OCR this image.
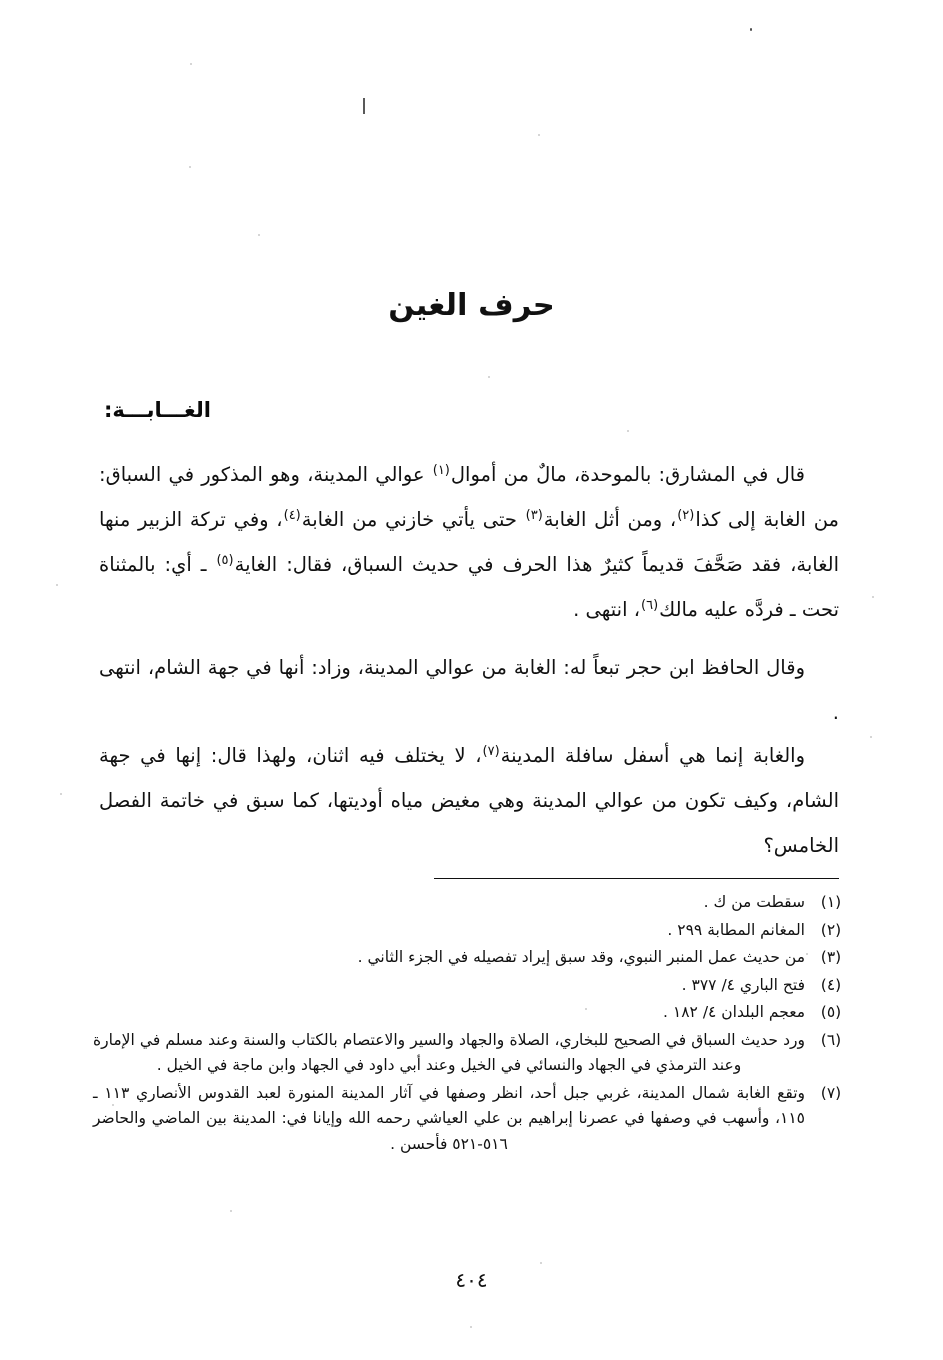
حرف الغين
الغـــابـــة:

قال في المشارق: بالموحدة، مالٌ من أموال$^{(١)}$ عوالي المدينة، وهو المذكور في السباق: من الغابة إلى كذا$^{(٢)}$، ومن أثل الغابة$^{(٣)}$ حتى يأتي خازني من الغابة$^{(٤)}$، وفي تركة الزبير منها الغابة، فقد صَحَّفَ قديماً كثيرٌ هذا الحرف في حديث السباق، فقال: الغاية$^{(٥)}$ ـ أي: بالمثناة تحت ـ فردَّه عليه مالك$^{(٦)}$، انتهى .

وقال الحافظ ابن حجر تبعاً له: الغابة من عوالي المدينة، وزاد: أنها في جهة الشام، انتهى .

والغابة إنما هي أسفل سافلة المدينة$^{(٧)}$، لا يختلف فيه اثنان، ولهذا قال: إنها في جهة الشام، وكيف تكون من عوالي المدينة وهي مغيض مياه أوديتها، كما سبق في خاتمة الفصل الخامس؟

(١)
سقطت من ك .
(٢)
المغانم المطابة ٢٩٩ .
(٣)
من حديث عمل المنبر النبوي، وقد سبق إيراد تفصيله في الجزء الثاني .
(٤)
فتح الباري ٤/ ٣٧٧ .
(٥)
معجم البلدان ٤/ ١٨٢ .
(٦)
ورد حديث السباق في الصحيح للبخاري، الصلاة والجهاد والسير والاعتصام بالكتاب والسنة وعند مسلم في الإمارة وعند الترمذي في الجهاد والنسائي في الخيل وعند أبي داود في الجهاد وابن ماجة في الخيل .
(٧)
وتقع الغابة شمال المدينة، غربي جبل أحد، انظر وصفها في آثار المدينة المنورة لعبد القدوس الأنصاري ١١٣ ـ ١١٥، وأسهب في وصفها في عصرنا إبراهيم بن علي العياشي رحمه الله وإيانا في: المدينة بين الماضي والحاضر ٥١٦-٥٢١ فأحسن .
٤٠٤
